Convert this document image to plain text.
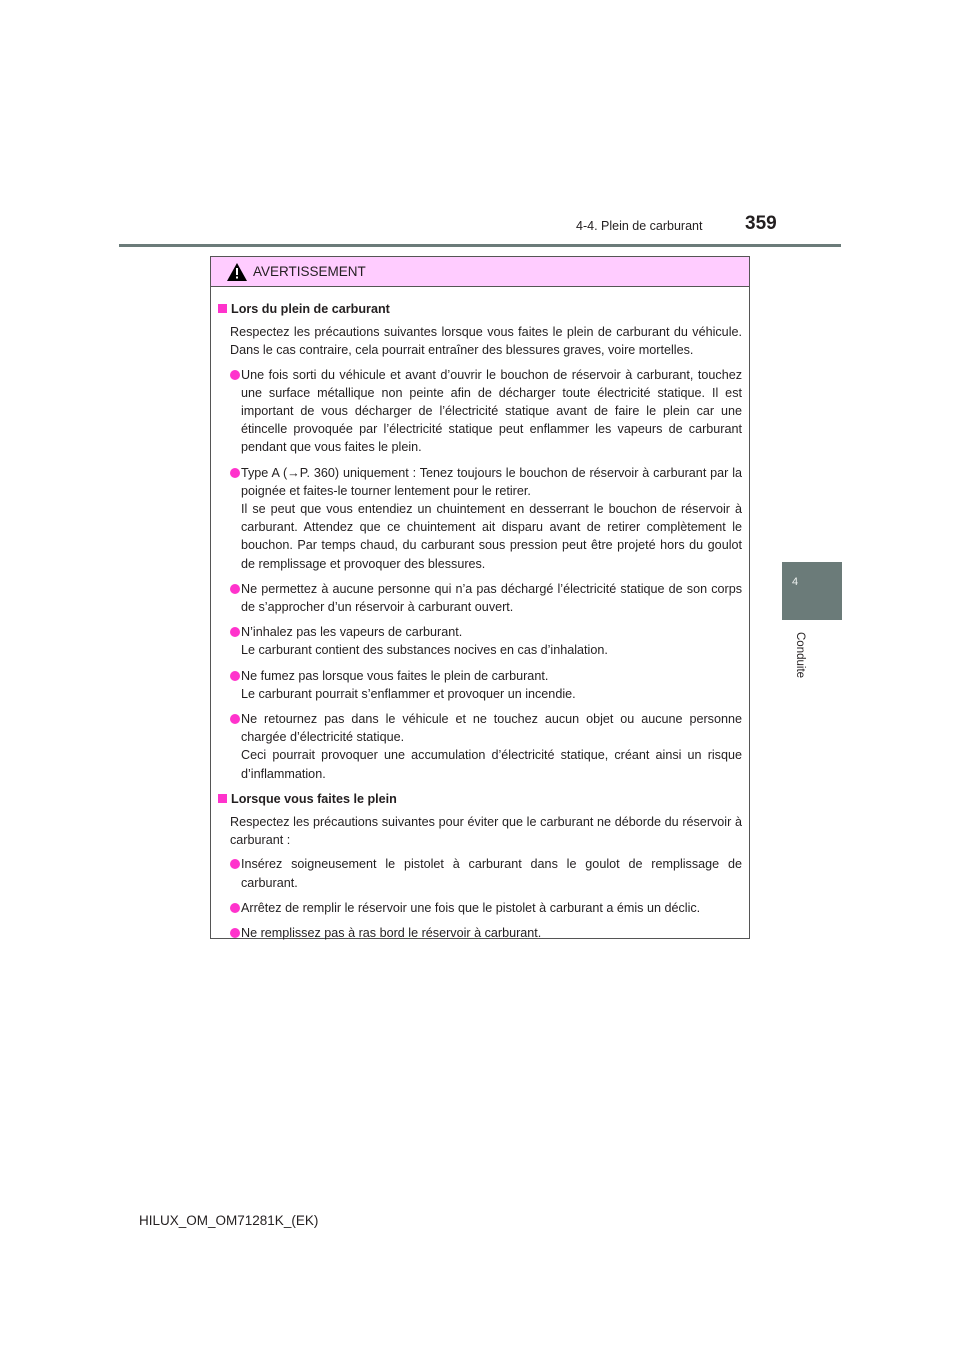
4-4. Plein de carburant 359
4
Conduite
AVERTISSEMENT
Lors du plein de carburant
Respectez les précautions suivantes lorsque vous faites le plein de carburant du véhicule. Dans le cas contraire, cela pourrait entraîner des blessures graves, voire mortelles.

Une fois sorti du véhicule et avant d’ouvrir le bouchon de réservoir à carburant, touchez une surface métallique non peinte afin de décharger toute électricité statique. Il est important de vous décharger de l’électricité statique avant de faire le plein car une étincelle provoquée par l’électricité statique peut enflammer les vapeurs de carburant pendant que vous faites le plein.

Type A (→P. 360) uniquement : Tenez toujours le bouchon de réservoir à carburant par la poignée et faites-le tourner lentement pour le retirer.

Il se peut que vous entendiez un chuintement en desserrant le bouchon de réservoir à carburant. Attendez que ce chuintement ait disparu avant de retirer complètement le bouchon. Par temps chaud, du carburant sous pression peut être projeté hors du goulot de remplissage et provoquer des blessures.

Ne permettez à aucune personne qui n’a pas déchargé l’électricité statique de son corps de s’approcher d’un réservoir à carburant ouvert.

N’inhalez pas les vapeurs de carburant.

Le carburant contient des substances nocives en cas d’inhalation.

Ne fumez pas lorsque vous faites le plein de carburant.

Le carburant pourrait s’enflammer et provoquer un incendie.

Ne retournez pas dans le véhicule et ne touchez aucun objet ou aucune personne chargée d’électricité statique.

Ceci pourrait provoquer une accumulation d’électricité statique, créant ainsi un risque d’inflammation.

Lorsque vous faites le plein
Respectez les précautions suivantes pour éviter que le carburant ne déborde du réservoir à carburant :

Insérez soigneusement le pistolet à carburant dans le goulot de remplissage de carburant.

Arrêtez de remplir le réservoir une fois que le pistolet à carburant a émis un déclic.

Ne remplissez pas à ras bord le réservoir à carburant.

HILUX_OM_OM71281K_(EK)
